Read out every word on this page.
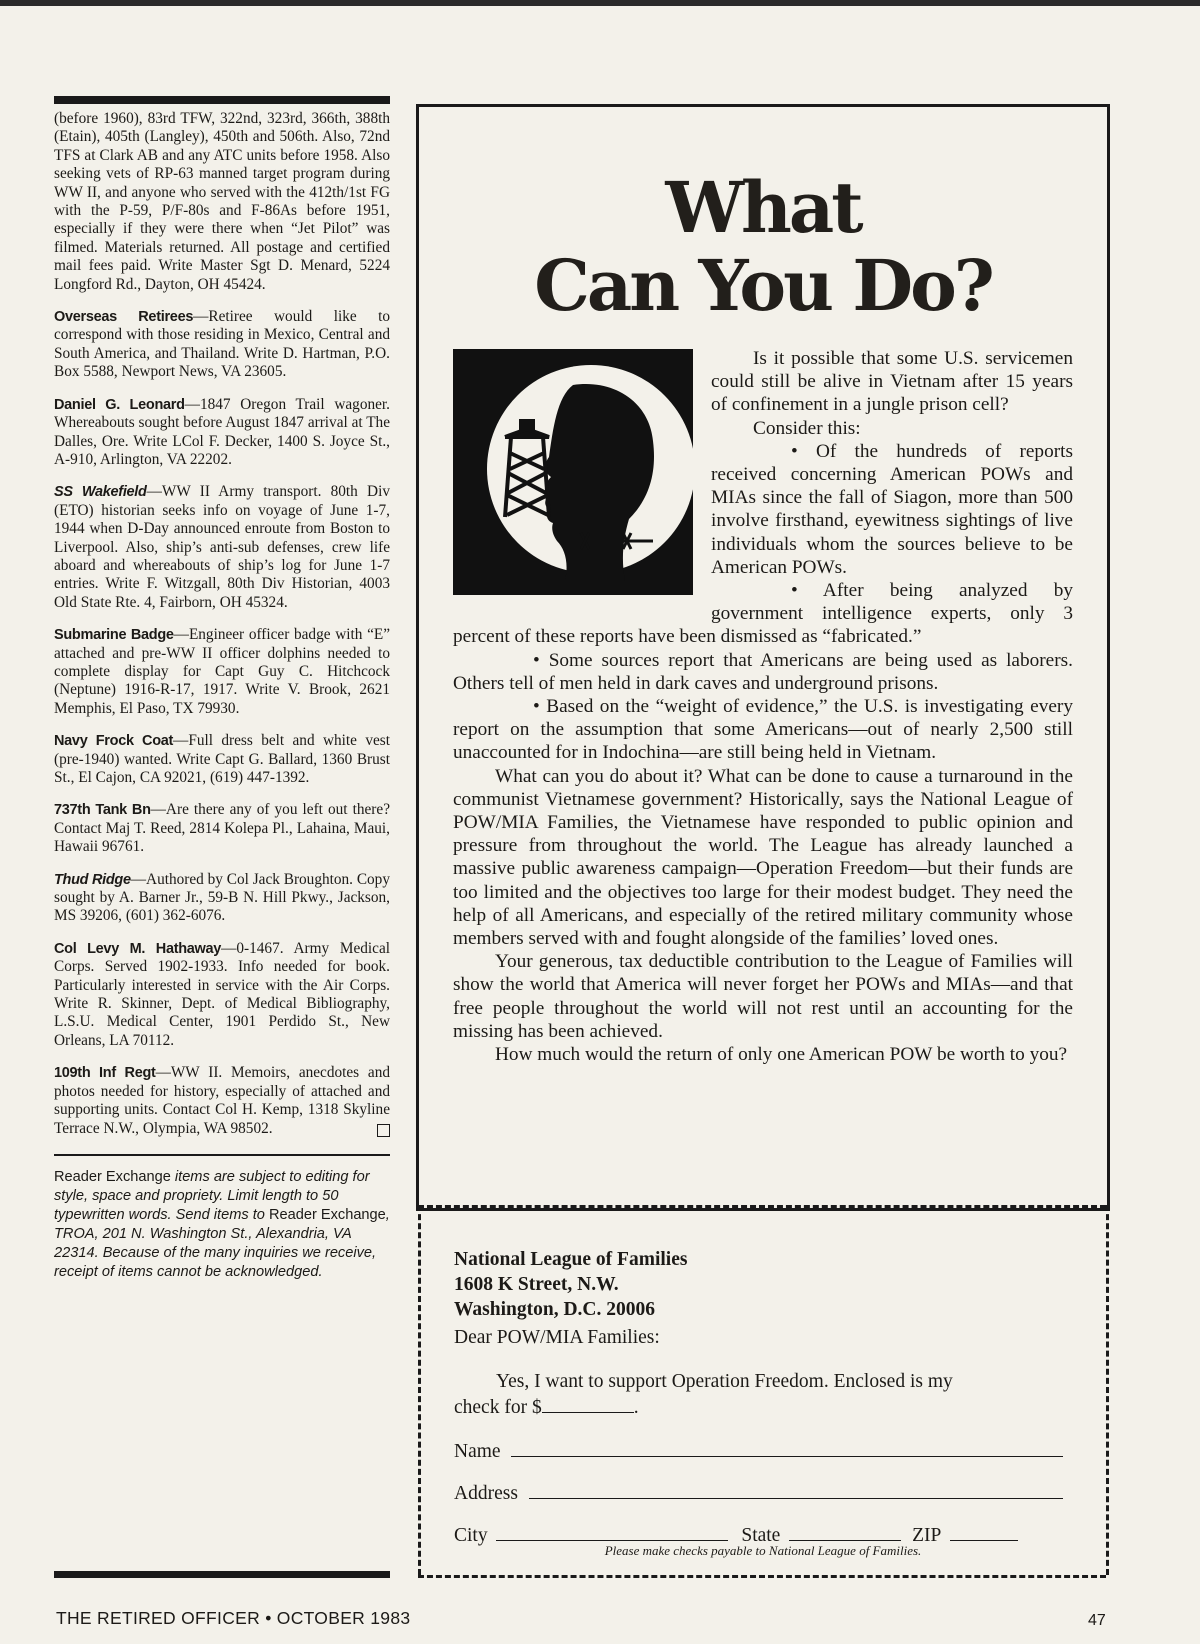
(before 1960), 83rd TFW, 322nd, 323rd, 366th, 388th (Etain), 405th (Langley), 450th and 506th. Also, 72nd TFS at Clark AB and any ATC units before 1958. Also seeking vets of RP-63 manned target program during WW II, and anyone who served with the 412th/1st FG with the P-59, P/F-80s and F-86As before 1951, especially if they were there when “Jet Pilot” was filmed. Materials returned. All postage and certified mail fees paid. Write Master Sgt D. Menard, 5224 Longford Rd., Dayton, OH 45424.
Overseas Retirees—Retiree would like to correspond with those residing in Mexico, Central and South America, and Thailand. Write D. Hartman, P.O. Box 5588, Newport News, VA 23605.
Daniel G. Leonard—1847 Oregon Trail wagoner. Whereabouts sought before August 1847 arrival at The Dalles, Ore. Write LCol F. Decker, 1400 S. Joyce St., A-910, Arlington, VA 22202.
SS Wakefield—WW II Army transport. 80th Div (ETO) historian seeks info on voyage of June 1-7, 1944 when D-Day announced enroute from Boston to Liverpool. Also, ship’s anti-sub defenses, crew life aboard and whereabouts of ship’s log for June 1-7 entries. Write F. Witzgall, 80th Div Historian, 4003 Old State Rte. 4, Fairborn, OH 45324.
Submarine Badge—Engineer officer badge with “E” attached and pre-WW II officer dolphins needed to complete display for Capt Guy C. Hitchcock (Neptune) 1916-R-17, 1917. Write V. Brook, 2621 Memphis, El Paso, TX 79930.
Navy Frock Coat—Full dress belt and white vest (pre-1940) wanted. Write Capt G. Ballard, 1360 Brust St., El Cajon, CA 92021, (619) 447-1392.
737th Tank Bn—Are there any of you left out there? Contact Maj T. Reed, 2814 Kolepa Pl., Lahaina, Maui, Hawaii 96761.
Thud Ridge—Authored by Col Jack Broughton. Copy sought by A. Barner Jr., 59-B N. Hill Pkwy., Jackson, MS 39206, (601) 362-6076.
Col Levy M. Hathaway—0-1467. Army Medical Corps. Served 1902-1933. Info needed for book. Particularly interested in service with the Air Corps. Write R. Skinner, Dept. of Medical Bibliography, L.S.U. Medical Center, 1901 Perdido St., New Orleans, LA 70112.
109th Inf Regt—WW II. Memoirs, anecdotes and photos needed for history, especially of attached and supporting units. Contact Col H. Kemp, 1318 Skyline Terrace N.W., Olympia, WA 98502.
Reader Exchange items are subject to editing for style, space and propriety. Limit length to 50 typewritten words. Send items to Reader Exchange, TROA, 201 N. Washington St., Alexandria, VA 22314. Because of the many inquiries we receive, receipt of items cannot be acknowledged.
What
Can You Do?

Is it possible that some U.S. servicemen could still be alive in Vietnam after 15 years of confinement in a jungle prison cell?

Consider this:

• Of the hundreds of reports received concerning American POWs and MIAs since the fall of Siagon, more than 500 involve firsthand, eyewitness sightings of live individuals whom the sources believe to be American POWs.

• After being analyzed by government intelligence experts, only 3 percent of these reports have been dismissed as “fabricated.”

• Some sources report that Americans are being used as laborers. Others tell of men held in dark caves and underground prisons.

• Based on the “weight of evidence,” the U.S. is investigating every report on the assumption that some Americans—out of nearly 2,500 still unaccounted for in Indochina—are still being held in Vietnam.

What can you do about it? What can be done to cause a turnaround in the communist Vietnamese government? Historically, says the National League of POW/MIA Families, the Vietnamese have responded to public opinion and pressure from throughout the world. The League has already launched a massive public awareness campaign—Operation Freedom—but their funds are too limited and the objectives too large for their modest budget. They need the help of all Americans, and especially of the retired military community whose members served with and fought alongside of the families’ loved ones.

Your generous, tax deductible contribution to the League of Families will show the world that America will never forget her POWs and MIAs—and that free people throughout the world will not rest until an accounting for the missing has been achieved.

How much would the return of only one American POW be worth to you?

National League of Families
1608 K Street, N.W.
Washington, D.C. 20006
Dear POW/MIA Families:
Yes, I want to support Operation Freedom. Enclosed is my
check for $	.
Name
Address
City	State	ZIP
Please make checks payable to National League of Families.
THE RETIRED OFFICER • OCTOBER 1983	47
